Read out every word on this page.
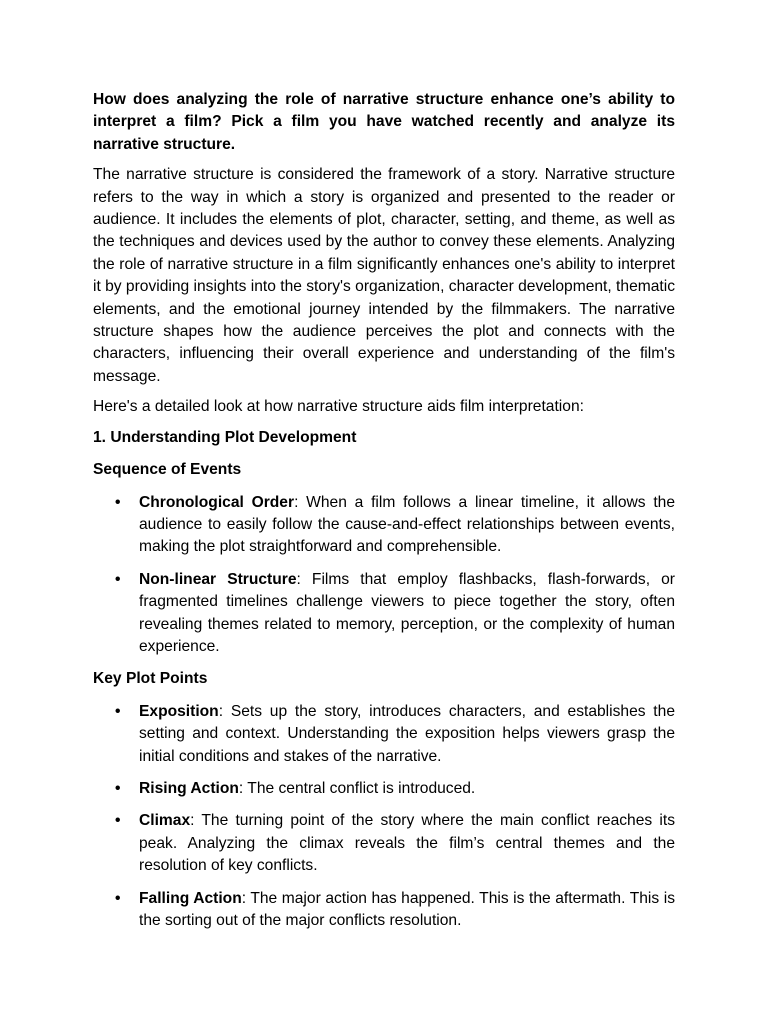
How does analyzing the role of narrative structure enhance one’s ability to interpret a film? Pick a film you have watched recently and analyze its narrative structure.

The narrative structure is considered the framework of a story. Narrative structure refers to the way in which a story is organized and presented to the reader or audience. It includes the elements of plot, character, setting, and theme, as well as the techniques and devices used by the author to convey these elements. Analyzing the role of narrative structure in a film significantly enhances one's ability to interpret it by providing insights into the story's organization, character development, thematic elements, and the emotional journey intended by the filmmakers. The narrative structure shapes how the audience perceives the plot and connects with the characters, influencing their overall experience and understanding of the film's message.

Here's a detailed look at how narrative structure aids film interpretation:

1. Understanding Plot Development

Sequence of Events

• Chronological Order: When a film follows a linear timeline, it allows the audience to easily follow the cause-and-effect relationships between events, making the plot straightforward and comprehensible.
• Non-linear Structure: Films that employ flashbacks, flash-forwards, or fragmented timelines challenge viewers to piece together the story, often revealing themes related to memory, perception, or the complexity of human experience.

Key Plot Points

• Exposition: Sets up the story, introduces characters, and establishes the setting and context. Understanding the exposition helps viewers grasp the initial conditions and stakes of the narrative.
• Rising Action: The central conflict is introduced.
• Climax: The turning point of the story where the main conflict reaches its peak. Analyzing the climax reveals the film’s central themes and the resolution of key conflicts.
• Falling Action: The major action has happened. This is the aftermath. This is the sorting out of the major conflicts resolution.
